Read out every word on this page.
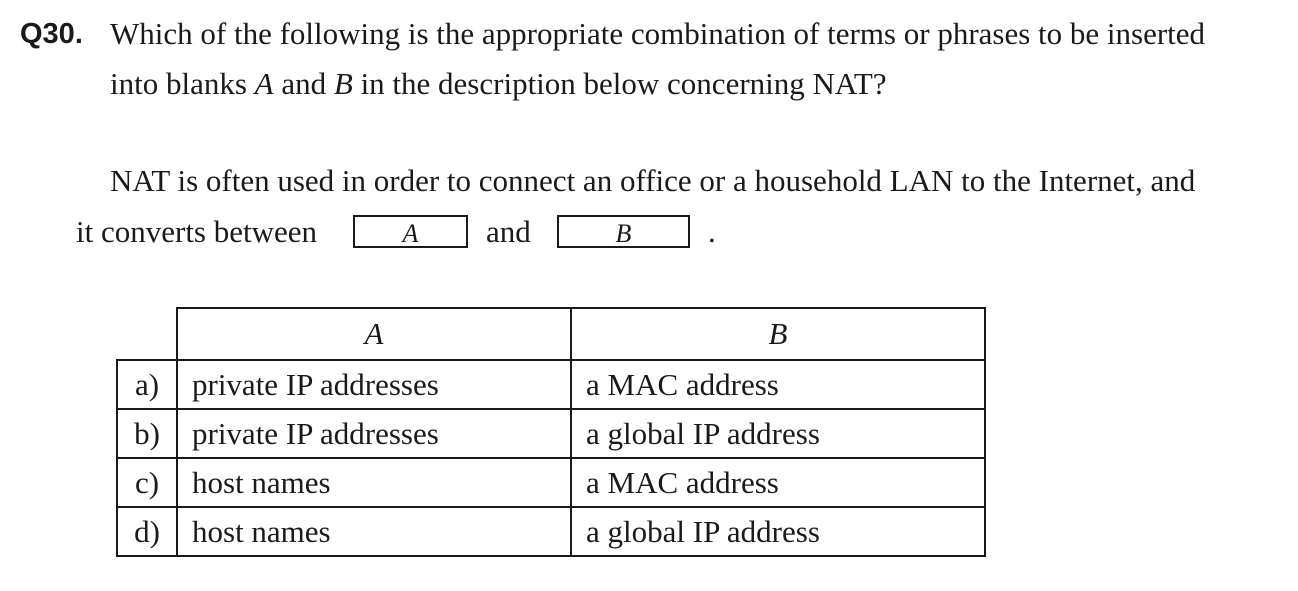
Q30. Which of the following is the appropriate combination of terms or phrases to be inserted
into blanks A and B in the description below concerning NAT?
NAT is often used in order to connect an office or a household LAN to the Internet, and
it converts between	A	and	B	.
	A	B
a)	private IP addresses	a MAC address
b)	private IP addresses	a global IP address
c)	host names	a MAC address
d)	host names	a global IP address
